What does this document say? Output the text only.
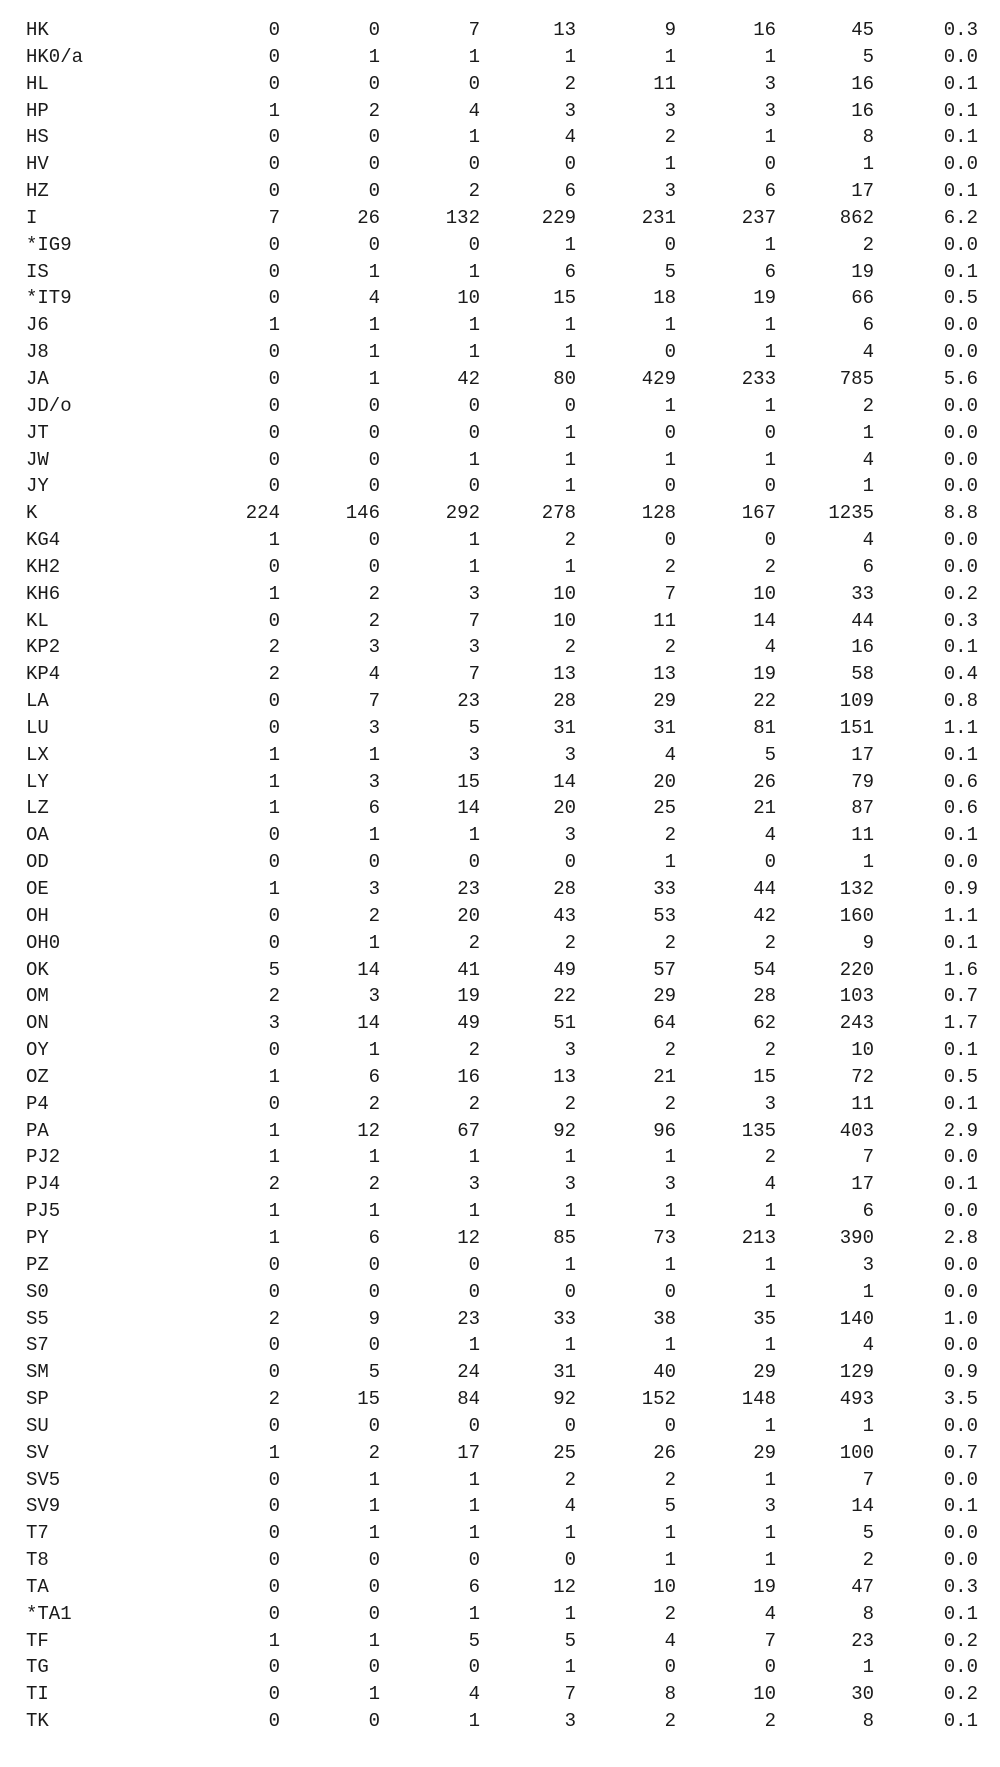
HK	0	0	7	13	9	16	45	0.3
HK0/a	0	1	1	1	1	1	5	0.0
HL	0	0	0	2	11	3	16	0.1
HP	1	2	4	3	3	3	16	0.1
HS	0	0	1	4	2	1	8	0.1
HV	0	0	0	0	1	0	1	0.0
HZ	0	0	2	6	3	6	17	0.1
I	7	26	132	229	231	237	862	6.2
*IG9	0	0	0	1	0	1	2	0.0
IS	0	1	1	6	5	6	19	0.1
*IT9	0	4	10	15	18	19	66	0.5
J6	1	1	1	1	1	1	6	0.0
J8	0	1	1	1	0	1	4	0.0
JA	0	1	42	80	429	233	785	5.6
JD/o	0	0	0	0	1	1	2	0.0
JT	0	0	0	1	0	0	1	0.0
JW	0	0	1	1	1	1	4	0.0
JY	0	0	0	1	0	0	1	0.0
K	224	146	292	278	128	167	1235	8.8
KG4	1	0	1	2	0	0	4	0.0
KH2	0	0	1	1	2	2	6	0.0
KH6	1	2	3	10	7	10	33	0.2
KL	0	2	7	10	11	14	44	0.3
KP2	2	3	3	2	2	4	16	0.1
KP4	2	4	7	13	13	19	58	0.4
LA	0	7	23	28	29	22	109	0.8
LU	0	3	5	31	31	81	151	1.1
LX	1	1	3	3	4	5	17	0.1
LY	1	3	15	14	20	26	79	0.6
LZ	1	6	14	20	25	21	87	0.6
OA	0	1	1	3	2	4	11	0.1
OD	0	0	0	0	1	0	1	0.0
OE	1	3	23	28	33	44	132	0.9
OH	0	2	20	43	53	42	160	1.1
OH0	0	1	2	2	2	2	9	0.1
OK	5	14	41	49	57	54	220	1.6
OM	2	3	19	22	29	28	103	0.7
ON	3	14	49	51	64	62	243	1.7
OY	0	1	2	3	2	2	10	0.1
OZ	1	6	16	13	21	15	72	0.5
P4	0	2	2	2	2	3	11	0.1
PA	1	12	67	92	96	135	403	2.9
PJ2	1	1	1	1	1	2	7	0.0
PJ4	2	2	3	3	3	4	17	0.1
PJ5	1	1	1	1	1	1	6	0.0
PY	1	6	12	85	73	213	390	2.8
PZ	0	0	0	1	1	1	3	0.0
S0	0	0	0	0	0	1	1	0.0
S5	2	9	23	33	38	35	140	1.0
S7	0	0	1	1	1	1	4	0.0
SM	0	5	24	31	40	29	129	0.9
SP	2	15	84	92	152	148	493	3.5
SU	0	0	0	0	0	1	1	0.0
SV	1	2	17	25	26	29	100	0.7
SV5	0	1	1	2	2	1	7	0.0
SV9	0	1	1	4	5	3	14	0.1
T7	0	1	1	1	1	1	5	0.0
T8	0	0	0	0	1	1	2	0.0
TA	0	0	6	12	10	19	47	0.3
*TA1	0	0	1	1	2	4	8	0.1
TF	1	1	5	5	4	7	23	0.2
TG	0	0	0	1	0	0	1	0.0
TI	0	1	4	7	8	10	30	0.2
TK	0	0	1	3	2	2	8	0.1
